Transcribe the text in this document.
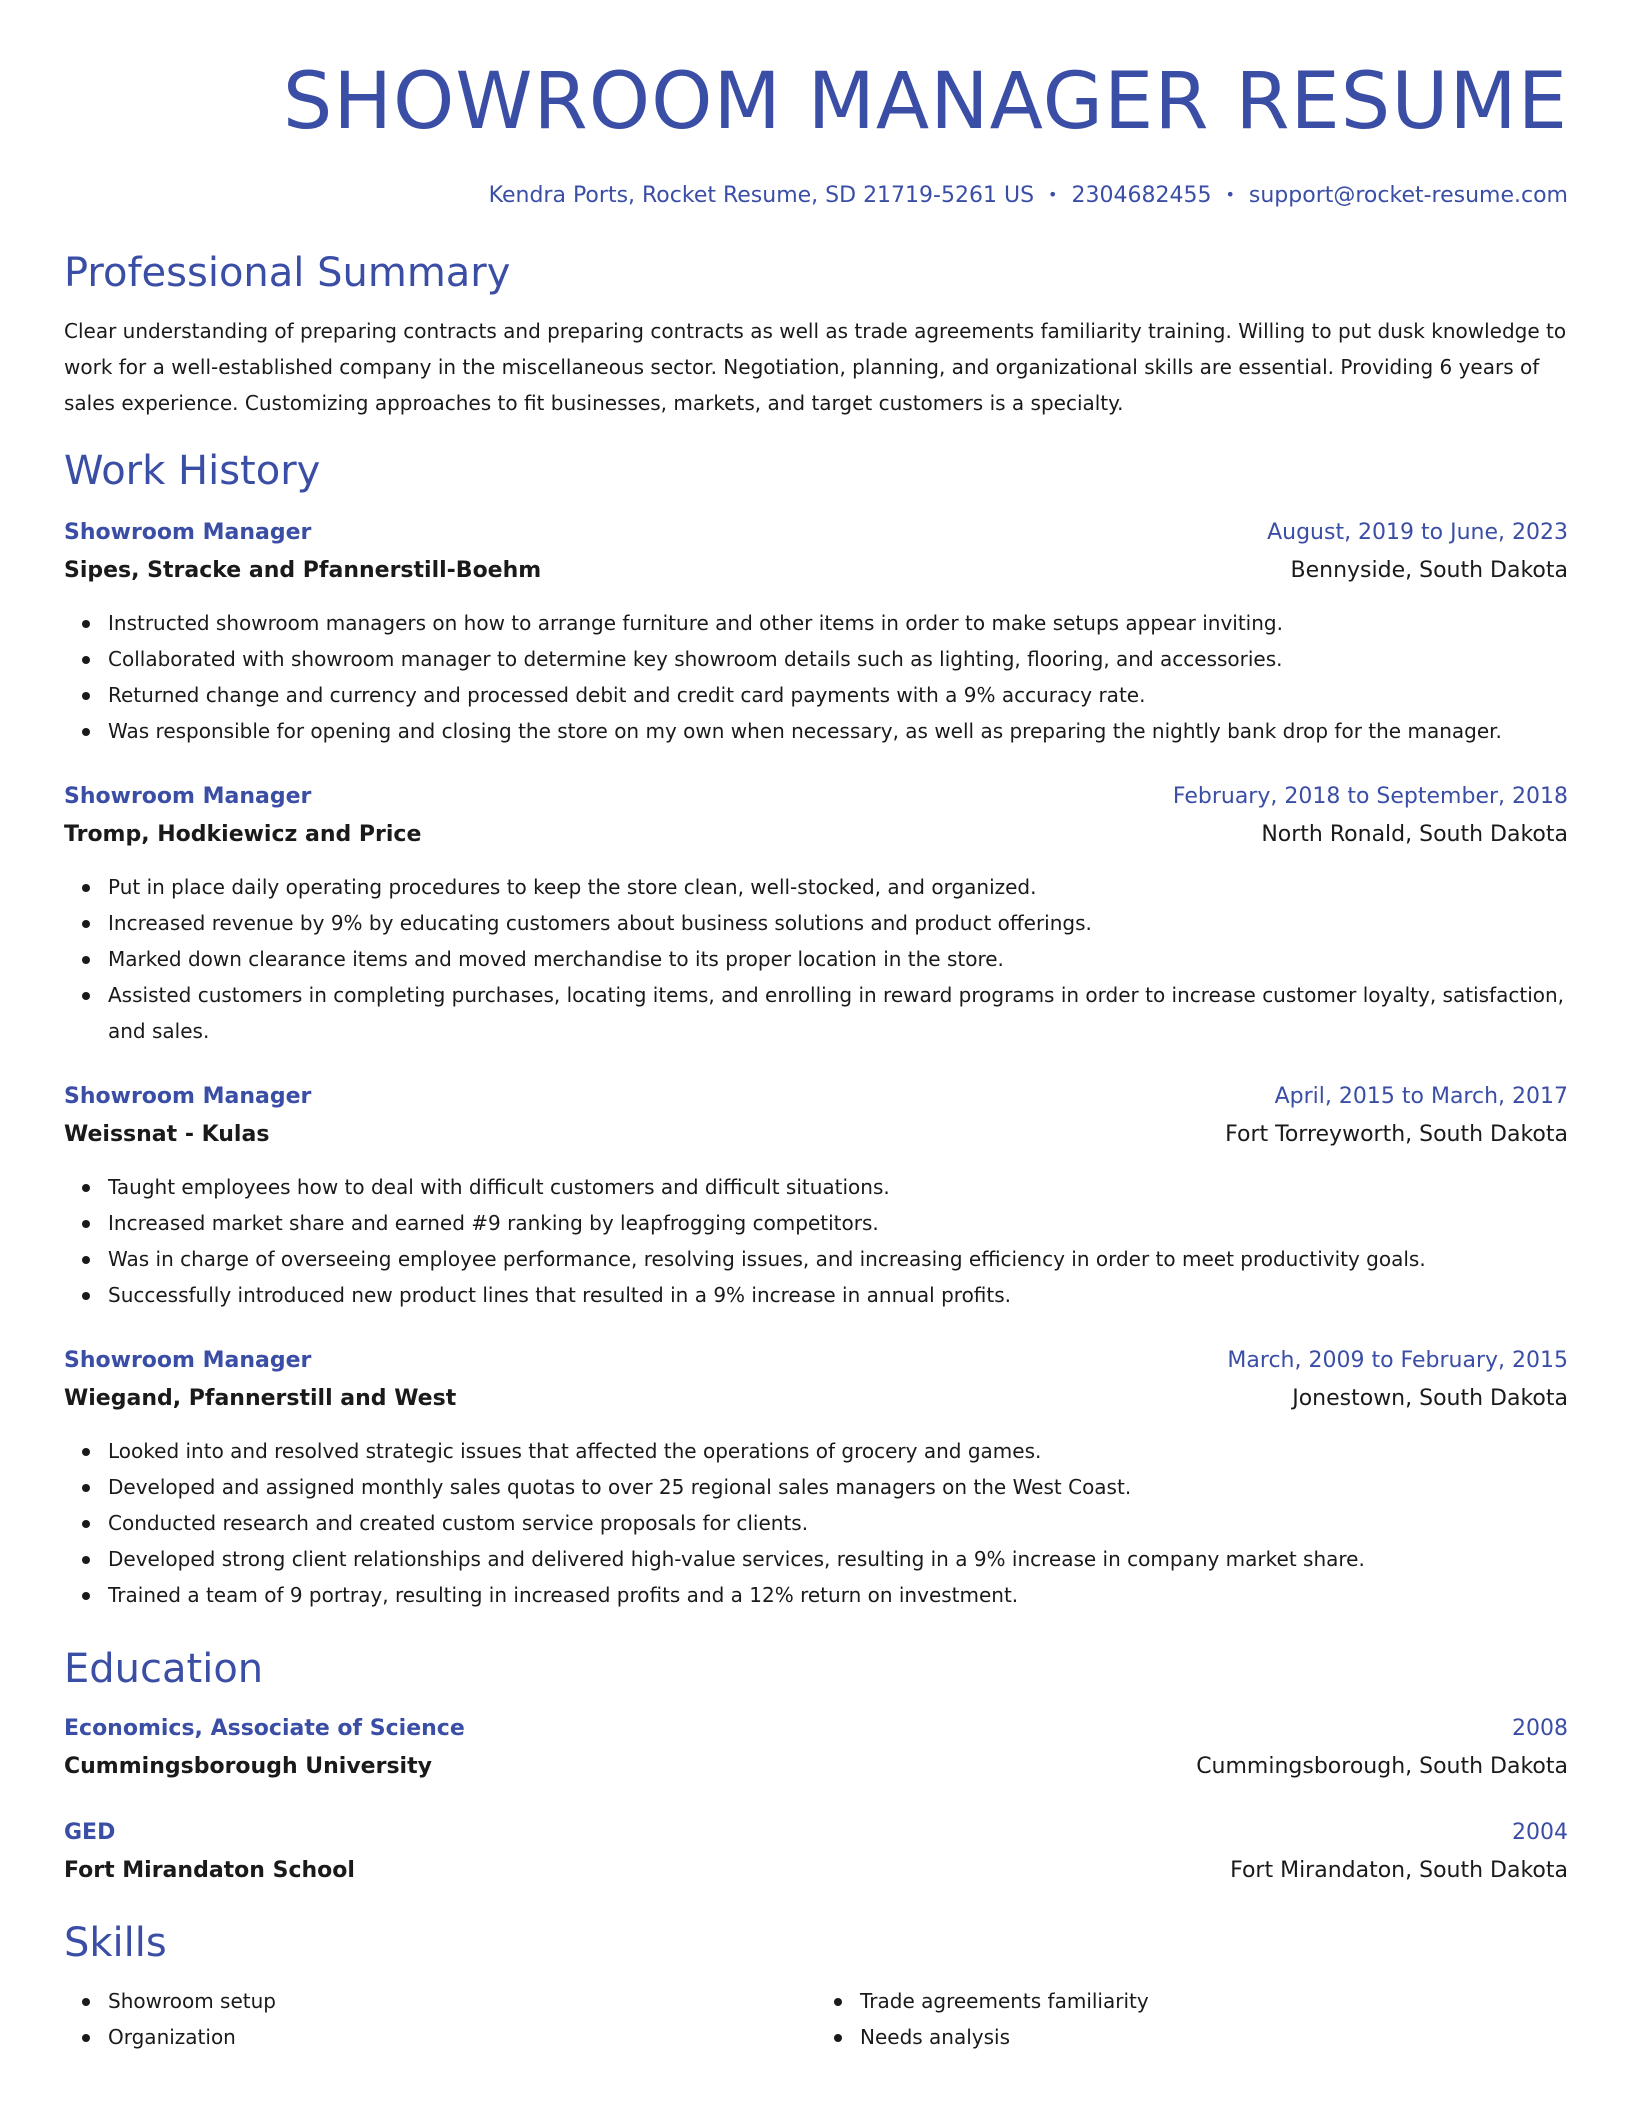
SHOWROOM MANAGER RESUME
Kendra Ports, Rocket Resume, SD 21719-5261 US • 2304682455 • support@rocket-resume.com
Professional Summary

Clear understanding of preparing contracts and preparing contracts as well as trade agreements familiarity training. Willing to put dusk knowledge to work for a well-established company in the miscellaneous sector. Negotiation, planning, and organizational skills are essential. Providing 6 years of sales experience. Customizing approaches to fit businesses, markets, and target customers is a specialty.

Work History
Showroom Manager	August, 2019 to June, 2023
Sipes, Stracke and Pfannerstill-Boehm	Bennyside, South Dakota
Instructed showroom managers on how to arrange furniture and other items in order to make setups appear inviting.
Collaborated with showroom manager to determine key showroom details such as lighting, flooring, and accessories.
Returned change and currency and processed debit and credit card payments with a 9% accuracy rate.
Was responsible for opening and closing the store on my own when necessary, as well as preparing the nightly bank drop for the manager.
Showroom Manager	February, 2018 to September, 2018
Tromp, Hodkiewicz and Price	North Ronald, South Dakota
Put in place daily operating procedures to keep the store clean, well-stocked, and organized.
Increased revenue by 9% by educating customers about business solutions and product offerings.
Marked down clearance items and moved merchandise to its proper location in the store.
Assisted customers in completing purchases, locating items, and enrolling in reward programs in order to increase customer loyalty, satisfaction, and sales.
Showroom Manager	April, 2015 to March, 2017
Weissnat - Kulas	Fort Torreyworth, South Dakota
Taught employees how to deal with difficult customers and difficult situations.
Increased market share and earned #9 ranking by leapfrogging competitors.
Was in charge of overseeing employee performance, resolving issues, and increasing efficiency in order to meet productivity goals.
Successfully introduced new product lines that resulted in a 9% increase in annual profits.
Showroom Manager	March, 2009 to February, 2015
Wiegand, Pfannerstill and West	Jonestown, South Dakota
Looked into and resolved strategic issues that affected the operations of grocery and games.
Developed and assigned monthly sales quotas to over 25 regional sales managers on the West Coast.
Conducted research and created custom service proposals for clients.
Developed strong client relationships and delivered high-value services, resulting in a 9% increase in company market share.
Trained a team of 9 portray, resulting in increased profits and a 12% return on investment.
Education
Economics, Associate of Science	2008
Cummingsborough University	Cummingsborough, South Dakota
GED	2004
Fort Mirandaton School	Fort Mirandaton, South Dakota
Skills
Showroom setup
Organization
Trade agreements familiarity
Needs analysis
